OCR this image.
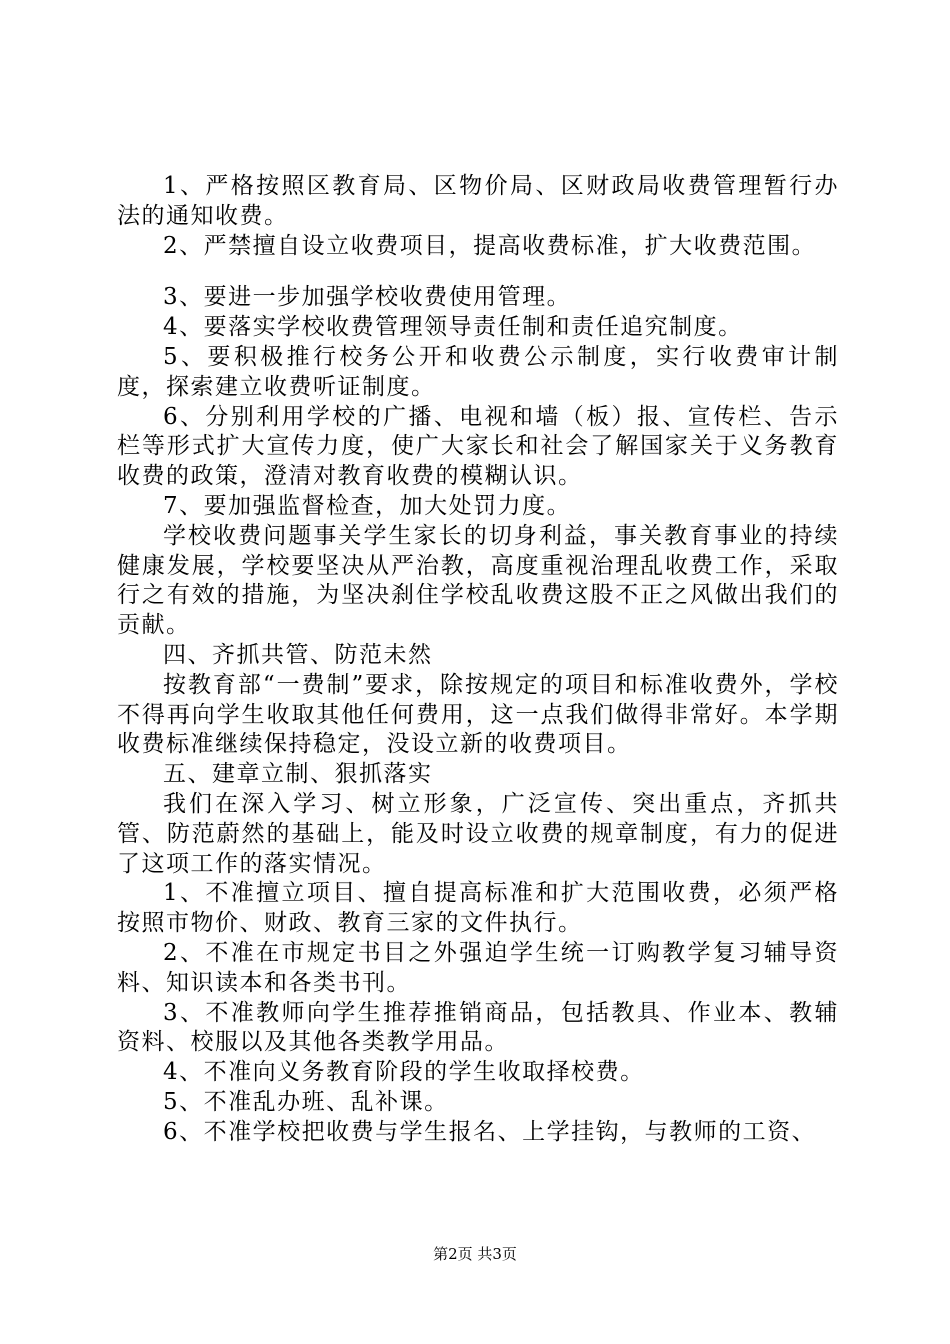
1、严格按照区教育局、区物价局、区财政局收费管理暂行办法的通知收费。

2、严禁擅自设立收费项目，提高收费标准，扩大收费范围。

3、要进一步加强学校收费使用管理。

4、要落实学校收费管理领导责任制和责任追究制度。

5、要积极推行校务公开和收费公示制度，实行收费审计制度，探索建立收费听证制度。

6、分别利用学校的广播、电视和墙（板）报、宣传栏、告示栏等形式扩大宣传力度，使广大家长和社会了解国家关于义务教育收费的政策，澄清对教育收费的模糊认识。

7、要加强监督检查，加大处罚力度。

学校收费问题事关学生家长的切身利益，事关教育事业的持续健康发展，学校要坚决从严治教，高度重视治理乱收费工作，采取行之有效的措施，为坚决刹住学校乱收费这股不正之风做出我们的贡献。

四、齐抓共管、防范未然

按教育部“一费制”要求，除按规定的项目和标准收费外，学校不得再向学生收取其他任何费用，这一点我们做得非常好。本学期收费标准继续保持稳定，没设立新的收费项目。

五、建章立制、狠抓落实

我们在深入学习、树立形象，广泛宣传、突出重点，齐抓共管、防范蔚然的基础上，能及时设立收费的规章制度，有力的促进了这项工作的落实情况。

1、不准擅立项目、擅自提高标准和扩大范围收费，必须严格按照市物价、财政、教育三家的文件执行。

2、不准在市规定书目之外强迫学生统一订购教学复习辅导资料、知识读本和各类书刊。

3、不准教师向学生推荐推销商品，包括教具、作业本、教辅资料、校服以及其他各类教学用品。

4、不准向义务教育阶段的学生收取择校费。

5、不准乱办班、乱补课。

6、不准学校把收费与学生报名、上学挂钩，与教师的工资、

第2页 共3页
